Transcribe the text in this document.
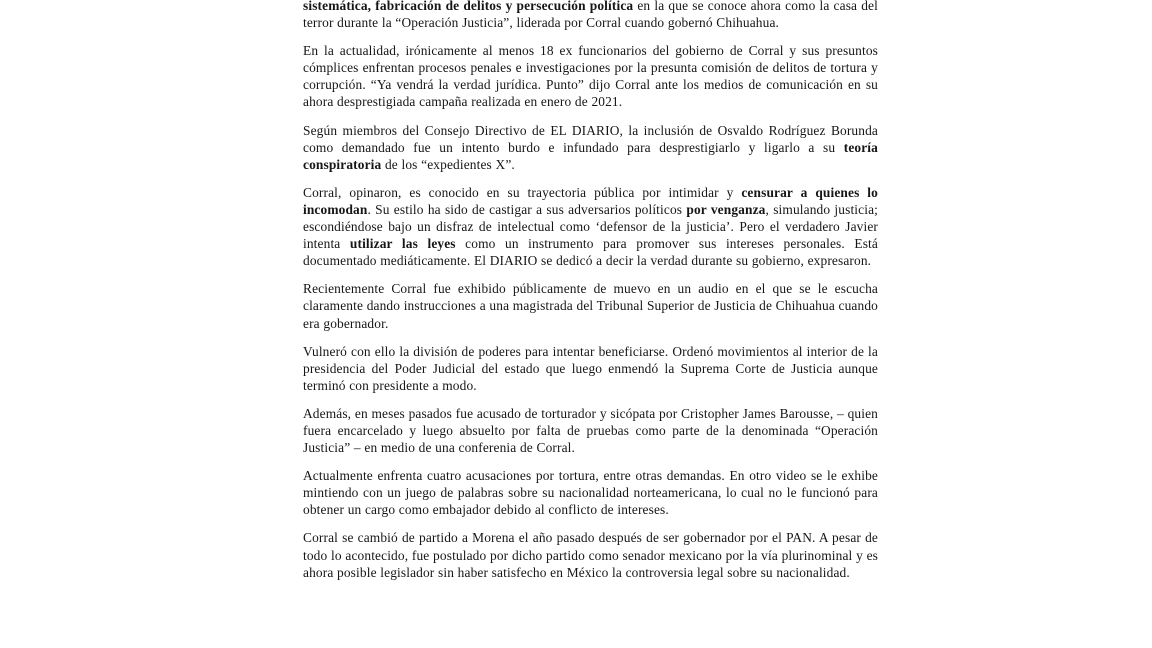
sistemática, fabricación de delitos y persecución política en la que se conoce ahora como la casa del terror durante la “Operación Justicia”, liderada por Corral cuando gobernó Chihuahua.

En la actualidad, irónicamente al menos 18 ex funcionarios del gobierno de Corral y sus presuntos cómplices enfrentan procesos penales e investigaciones por la presunta comisión de delitos de tortura y corrupción. “Ya vendrá la verdad jurídica. Punto” dijo Corral ante los medios de comunicación en su ahora desprestigiada campaña realizada en enero de 2021.

Según miembros del Consejo Directivo de EL DIARIO, la inclusión de Osvaldo Rodríguez Borunda como demandado fue un intento burdo e infundado para desprestigiarlo y ligarlo a su teoría conspiratoria de los “expedientes X”.

Corral, opinaron, es conocido en su trayectoria pública por intimidar y censurar a quienes lo incomodan. Su estilo ha sido de castigar a sus adversarios políticos por venganza, simulando justicia; escondiéndose bajo un disfraz de intelectual como ‘defensor de la justicia’. Pero el verdadero Javier intenta utilizar las leyes como un instrumento para promover sus intereses personales. Está documentado mediáticamente. El DIARIO se dedicó a decir la verdad durante su gobierno, expresaron.

Recientemente Corral fue exhibido públicamente de muevo en un audio en el que se le escucha claramente dando instrucciones a una magistrada del Tribunal Superior de Justicia de Chihuahua cuando era gobernador.

Vulneró con ello la división de poderes para intentar beneficiarse. Ordenó movimientos al interior de la presidencia del Poder Judicial del estado que luego enmendó la Suprema Corte de Justicia aunque terminó con presidente a modo.

Además, en meses pasados fue acusado de torturador y sicópata por Cristopher James Barousse, – quien fuera encarcelado y luego absuelto por falta de pruebas como parte de la denominada “Operación Justicia” – en medio de una conferenia de Corral.

Actualmente enfrenta cuatro acusaciones por tortura, entre otras demandas. En otro video se le exhibe mintiendo con un juego de palabras sobre su nacionalidad norteamericana, lo cual no le funcionó para obtener un cargo como embajador debido al conflicto de intereses.

Corral se cambió de partido a Morena el año pasado después de ser gobernador por el PAN. A pesar de todo lo acontecido, fue postulado por dicho partido como senador mexicano por la vía plurinominal y es ahora posible legislador sin haber satisfecho en México la controversia legal sobre su nacionalidad.
